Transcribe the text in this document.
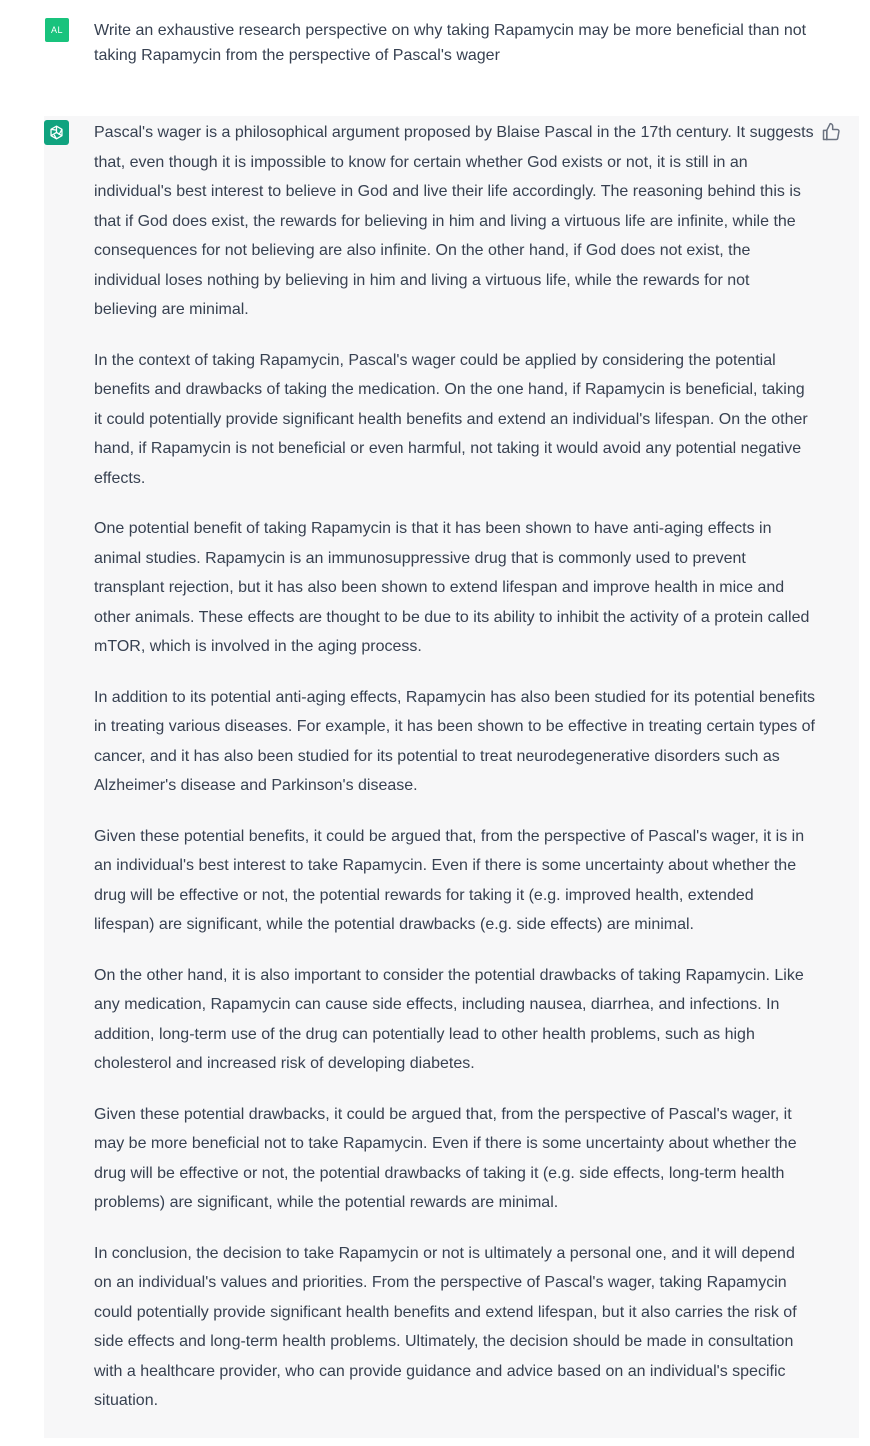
AL	Write an exhaustive research perspective on why taking Rapamycin may be more beneficial than not taking Rapamycin from the perspective of Pascal's wager

Pascal's wager is a philosophical argument proposed by Blaise Pascal in the 17th century. It suggests that, even though it is impossible to know for certain whether God exists or not, it is still in an individual's best interest to believe in God and live their life accordingly. The reasoning behind this is that if God does exist, the rewards for believing in him and living a virtuous life are infinite, while the consequences for not believing are also infinite. On the other hand, if God does not exist, the individual loses nothing by believing in him and living a virtuous life, while the rewards for not believing are minimal.

In the context of taking Rapamycin, Pascal's wager could be applied by considering the potential benefits and drawbacks of taking the medication. On the one hand, if Rapamycin is beneficial, taking it could potentially provide significant health benefits and extend an individual's lifespan. On the other hand, if Rapamycin is not beneficial or even harmful, not taking it would avoid any potential negative effects.

One potential benefit of taking Rapamycin is that it has been shown to have anti-aging effects in animal studies. Rapamycin is an immunosuppressive drug that is commonly used to prevent transplant rejection, but it has also been shown to extend lifespan and improve health in mice and other animals. These effects are thought to be due to its ability to inhibit the activity of a protein called mTOR, which is involved in the aging process.

In addition to its potential anti-aging effects, Rapamycin has also been studied for its potential benefits in treating various diseases. For example, it has been shown to be effective in treating certain types of cancer, and it has also been studied for its potential to treat neurodegenerative disorders such as Alzheimer's disease and Parkinson's disease.

Given these potential benefits, it could be argued that, from the perspective of Pascal's wager, it is in an individual's best interest to take Rapamycin. Even if there is some uncertainty about whether the drug will be effective or not, the potential rewards for taking it (e.g. improved health, extended lifespan) are significant, while the potential drawbacks (e.g. side effects) are minimal.

On the other hand, it is also important to consider the potential drawbacks of taking Rapamycin. Like any medication, Rapamycin can cause side effects, including nausea, diarrhea, and infections. In addition, long-term use of the drug can potentially lead to other health problems, such as high cholesterol and increased risk of developing diabetes.

Given these potential drawbacks, it could be argued that, from the perspective of Pascal's wager, it may be more beneficial not to take Rapamycin. Even if there is some uncertainty about whether the drug will be effective or not, the potential drawbacks of taking it (e.g. side effects, long-term health problems) are significant, while the potential rewards are minimal.

In conclusion, the decision to take Rapamycin or not is ultimately a personal one, and it will depend on an individual's values and priorities. From the perspective of Pascal's wager, taking Rapamycin could potentially provide significant health benefits and extend lifespan, but it also carries the risk of side effects and long-term health problems. Ultimately, the decision should be made in consultation with a healthcare provider, who can provide guidance and advice based on an individual's specific situation.
